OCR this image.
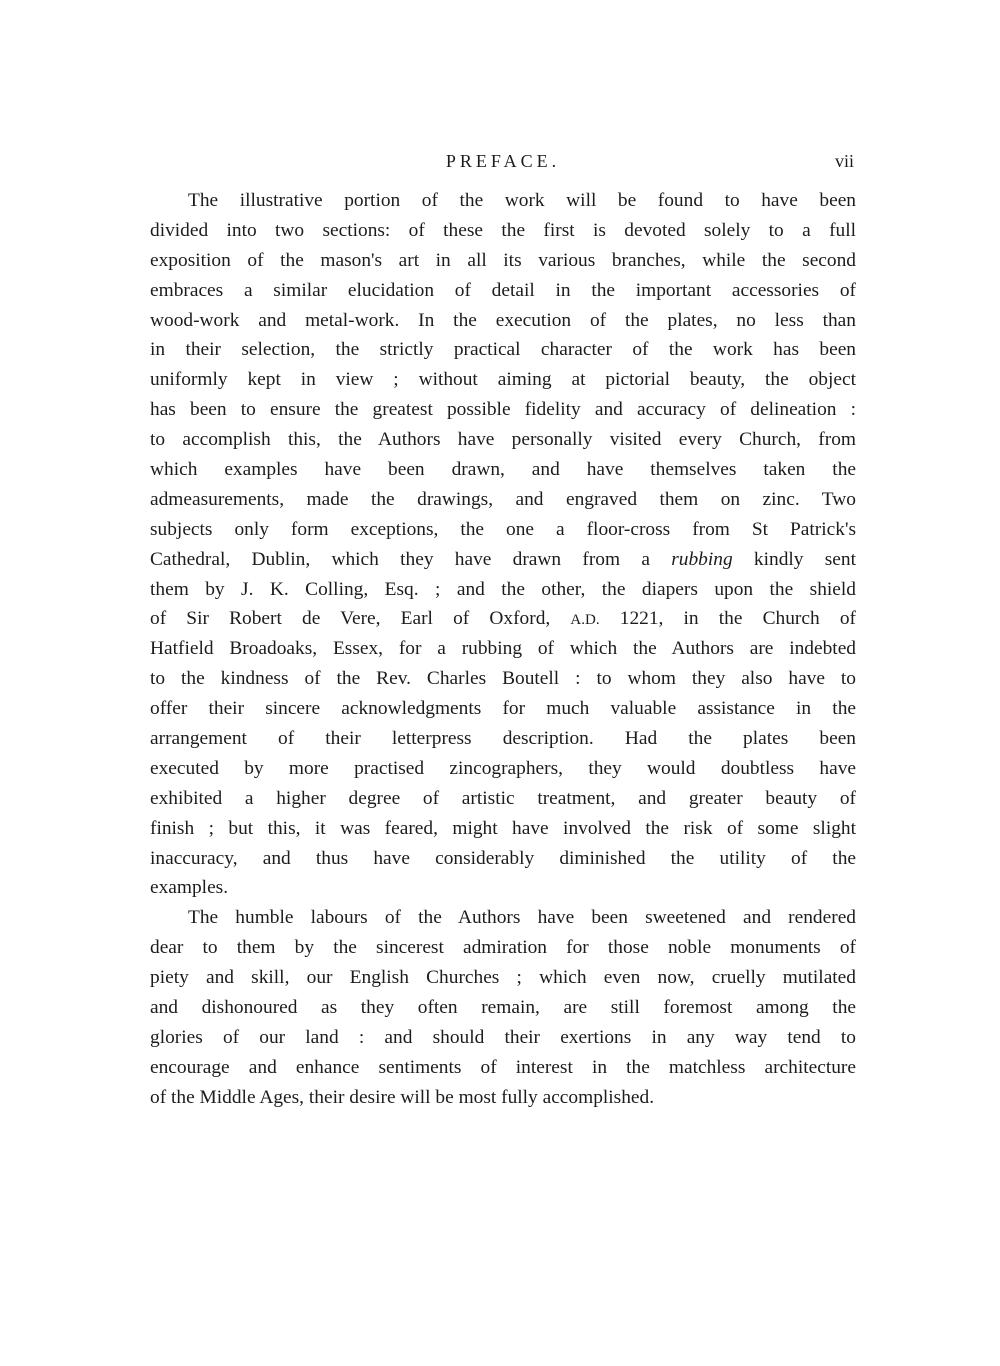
PREFACE.	vii
The illustrative portion of the work will be found to have been
divided into two sections: of these the first is devoted solely to a full
exposition of the mason's art in all its various branches, while the second
embraces a similar elucidation of detail in the important accessories of
wood-work and metal-work. In the execution of the plates, no less than
in their selection, the strictly practical character of the work has been
uniformly kept in view ; without aiming at pictorial beauty, the object
has been to ensure the greatest possible fidelity and accuracy of delineation :
to accomplish this, the Authors have personally visited every Church, from
which examples have been drawn, and have themselves taken the
admeasurements, made the drawings, and engraved them on zinc. Two
subjects only form exceptions, the one a floor-cross from St Patrick's
Cathedral, Dublin, which they have drawn from a rubbing kindly sent
them by J. K. Colling, Esq. ; and the other, the diapers upon the shield
of Sir Robert de Vere, Earl of Oxford, A.D. 1221, in the Church of
Hatfield Broadoaks, Essex, for a rubbing of which the Authors are indebted
to the kindness of the Rev. Charles Boutell : to whom they also have to
offer their sincere acknowledgments for much valuable assistance in the
arrangement of their letterpress description. Had the plates been
executed by more practised zincographers, they would doubtless have
exhibited a higher degree of artistic treatment, and greater beauty of
finish ; but this, it was feared, might have involved the risk of some slight
inaccuracy, and thus have considerably diminished the utility of the
examples.
The humble labours of the Authors have been sweetened and rendered
dear to them by the sincerest admiration for those noble monuments of
piety and skill, our English Churches ; which even now, cruelly mutilated
and dishonoured as they often remain, are still foremost among the
glories of our land : and should their exertions in any way tend to
encourage and enhance sentiments of interest in the matchless architecture
of the Middle Ages, their desire will be most fully accomplished.
